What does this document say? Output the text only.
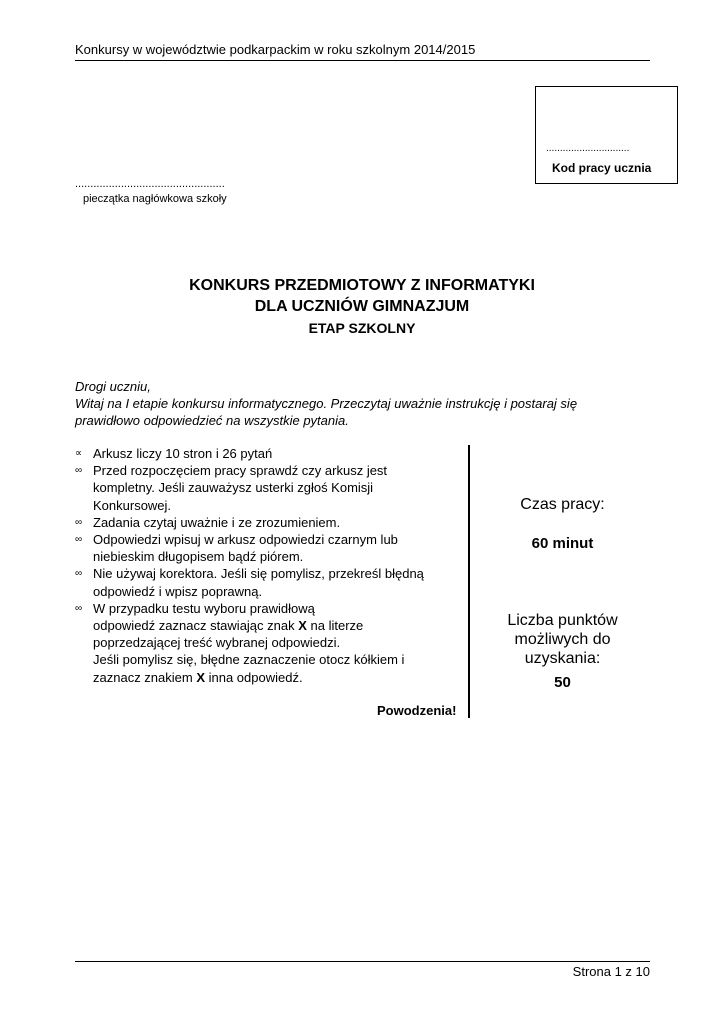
Konkursy w województwie podkarpackim w roku szkolnym 2014/2015
..............................
Kod pracy ucznia
.................................................
pieczątka nagłówkowa szkoły
KONKURS PRZEDMIOTOWY Z INFORMATYKI
DLA UCZNIÓW GIMNAZJUM
ETAP SZKOLNY
Drogi uczniu,
Witaj na I etapie konkursu informatycznego. Przeczytaj uważnie instrukcję i postaraj się
prawidłowo odpowiedzieć na wszystkie pytania.
∝ Arkusz liczy 10 stron i 26 pytań
∞ Przed rozpoczęciem pracy sprawdź czy arkusz jest
kompletny. Jeśli zauważysz usterki zgłoś Komisji
Konkursowej.
∞ Zadania czytaj uważnie i ze zrozumieniem.
∞ Odpowiedzi wpisuj w arkusz odpowiedzi czarnym lub
niebieskim długopisem bądź piórem.
∞ Nie używaj korektora. Jeśli się pomylisz, przekreśl błędną
odpowiedź i wpisz poprawną.
∞ W przypadku testu wyboru prawidłową
odpowiedź zaznacz stawiając znak X na literze
poprzedzającej treść wybranej odpowiedzi.
Jeśli pomylisz się, błędne zaznaczenie otocz kółkiem i
zaznacz znakiem X inna odpowiedź.
Powodzenia!
Czas pracy:
60 minut
Liczba punktów
możliwych do
uzyskania:
50
Strona 1 z 10
